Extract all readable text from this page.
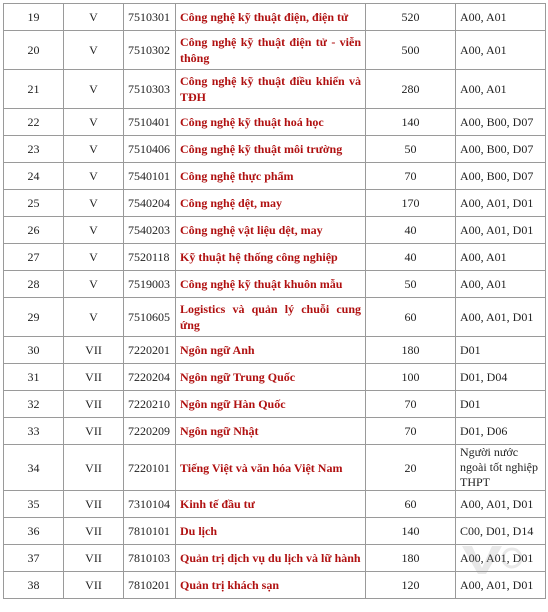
19	V	7510301	Công nghệ kỹ thuật điện, điện tử	520	A00, A01
20	V	7510302	Công nghệ kỹ thuật điện tử - viễn thông	500	A00, A01
21	V	7510303	Công nghệ kỹ thuật điều khiển và TĐH	280	A00, A01
22	V	7510401	Công nghệ kỹ thuật hoá học	140	A00, B00, D07
23	V	7510406	Công nghệ kỹ thuật môi trường	50	A00, B00, D07
24	V	7540101	Công nghệ thực phẩm	70	A00, B00, D07
25	V	7540204	Công nghệ dệt, may	170	A00, A01, D01
26	V	7540203	Công nghệ vật liệu dệt, may	40	A00, A01, D01
27	V	7520118	Kỹ thuật hệ thống công nghiệp	40	A00, A01
28	V	7519003	Công nghệ kỹ thuật khuôn mẫu	50	A00, A01
29	V	7510605	Logistics và quản lý chuỗi cung ứng	60	A00, A01, D01
30	VII	7220201	Ngôn ngữ Anh	180	D01
31	VII	7220204	Ngôn ngữ Trung Quốc	100	D01, D04
32	VII	7220210	Ngôn ngữ Hàn Quốc	70	D01
33	VII	7220209	Ngôn ngữ Nhật	70	D01, D06
34	VII	7220101	Tiếng Việt và văn hóa Việt Nam	20	Người nước ngoài tốt nghiệp THPT
35	VII	7310104	Kinh tế đầu tư	60	A00, A01, D01
36	VII	7810101	Du lịch	140	C00, D01, D14
37	VII	7810103	Quản trị dịch vụ du lịch và lữ hành	180	A00, A01, D01
38	VII	7810201	Quản trị khách sạn	120	A00, A01, D01
